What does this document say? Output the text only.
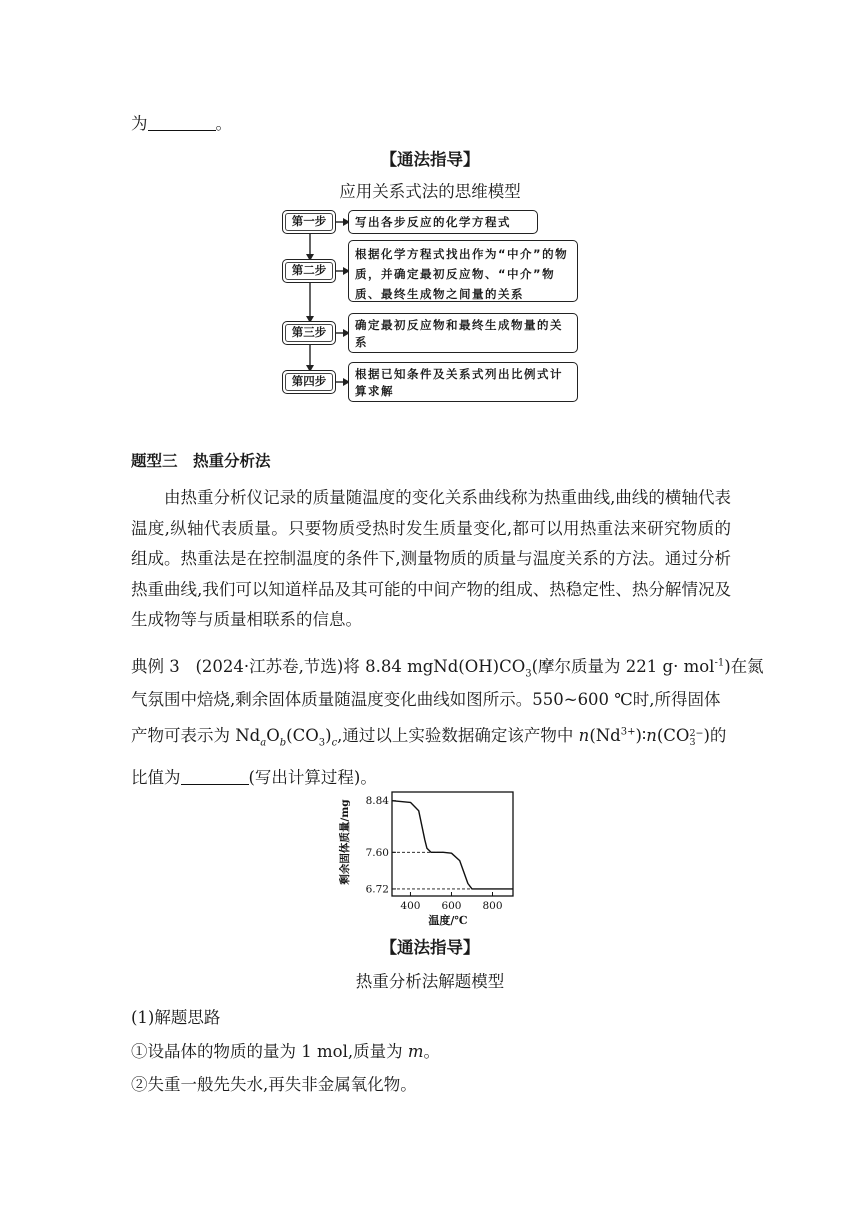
为	。
【通法指导】
应用关系式法的思维模型
第一步
第二步
第三步
第四步
写出各步反应的化学方程式
根据化学方程式找出作为“中介”的物质，并确定最初反应物、“中介”物质、最终生成物之间量的关系
确定最初反应物和最终生成物量的关系
根据已知条件及关系式列出比例式计算求解
题型三　热重分析法
由热重分析仪记录的质量随温度的变化关系曲线称为热重曲线,曲线的横轴代表温度,纵轴代表质量。只要物质受热时发生质量变化,都可以用热重法来研究物质的组成。热重法是在控制温度的条件下,测量物质的质量与温度关系的方法。通过分析热重曲线,我们可以知道样品及其可能的中间产物的组成、热稳定性、热分解情况及生成物等与质量相联系的信息。
典例 3 (2024·江苏卷,节选)将 8.84 $mgNd(OH)CO_3$(摩尔质量为 221 g· mol$^{-1}$)在氮
气氛围中焙烧,剩余固体质量随温度变化曲线如图所示。550~600 ℃时,所得固体
产物可表示为 $Nd_aO_b(CO_3)_c$,通过以上实验数据确定该产物中 $n(Nd^{3+})∶n(CO$ 2−
3 )的
比值为	(写出计算过程)。
剩余固体质量/mg
温度/℃
8.84
7.60
6.72
400 600 800
【通法指导】
热重分析法解题模型
(1)解题思路
①设晶体的物质的量为 1 mol,质量为 m。
②失重一般先失水,再失非金属氧化物。
